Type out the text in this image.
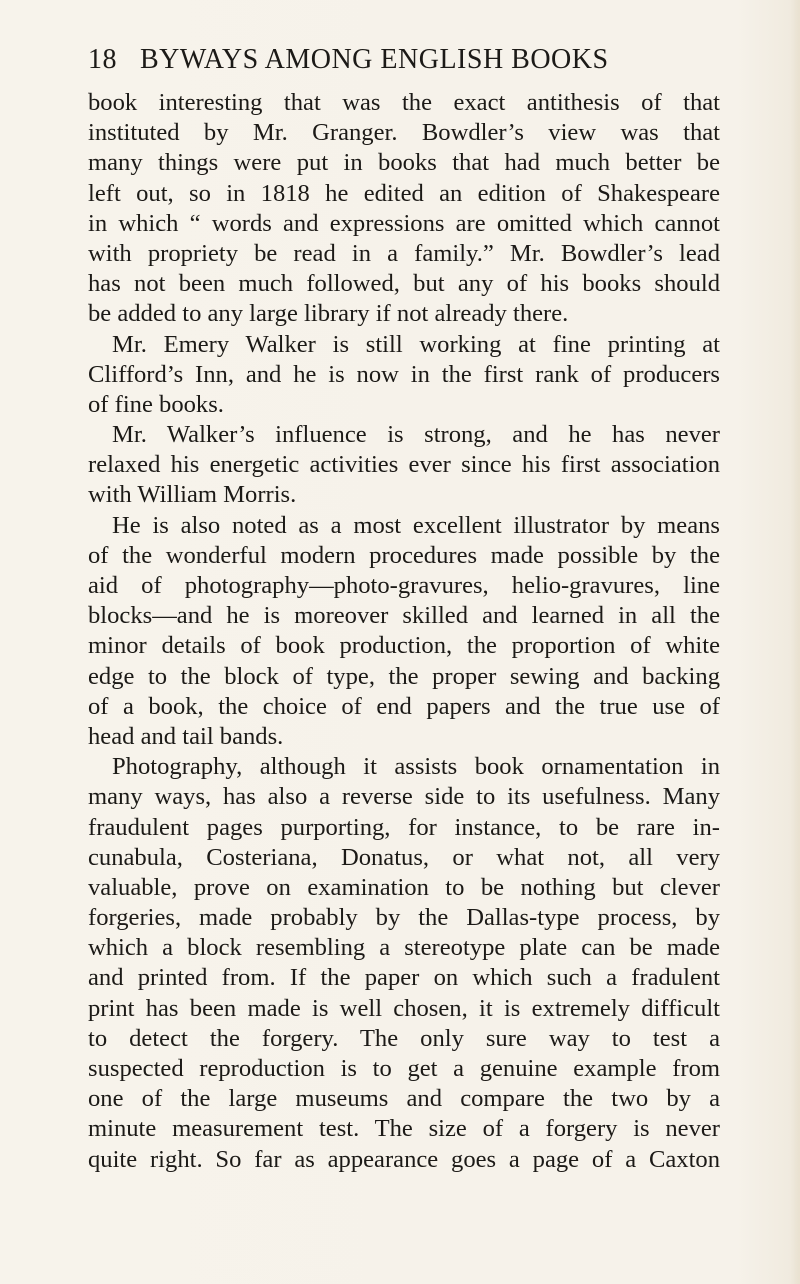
18 BYWAYS AMONG ENGLISH BOOKS
book interesting that was the exact antithesis of that
instituted by Mr. Granger. Bowdler’s view was that
many things were put in books that had much better be
left out, so in 1818 he edited an edition of Shakespeare
in which “ words and expressions are omitted which cannot
with propriety be read in a family.” Mr. Bowdler’s lead
has not been much followed, but any of his books should
be added to any large library if not already there.
Mr. Emery Walker is still working at fine printing at
Clifford’s Inn, and he is now in the first rank of producers
of fine books.
Mr. Walker’s influence is strong, and he has never
relaxed his energetic activities ever since his first association
with William Morris.
He is also noted as a most excellent illustrator by means
of the wonderful modern procedures made possible by the
aid of photography—photo-gravures, helio-gravures, line
blocks—and he is moreover skilled and learned in all the
minor details of book production, the proportion of white
edge to the block of type, the proper sewing and backing
of a book, the choice of end papers and the true use of
head and tail bands.
Photography, although it assists book ornamentation in
many ways, has also a reverse side to its usefulness. Many
fraudulent pages purporting, for instance, to be rare in-
cunabula, Costeriana, Donatus, or what not, all very
valuable, prove on examination to be nothing but clever
forgeries, made probably by the Dallas-type process, by
which a block resembling a stereotype plate can be made
and printed from. If the paper on which such a fradulent
print has been made is well chosen, it is extremely difficult
to detect the forgery. The only sure way to test a
suspected reproduction is to get a genuine example from
one of the large museums and compare the two by a
minute measurement test. The size of a forgery is never
quite right. So far as appearance goes a page of a Caxton
